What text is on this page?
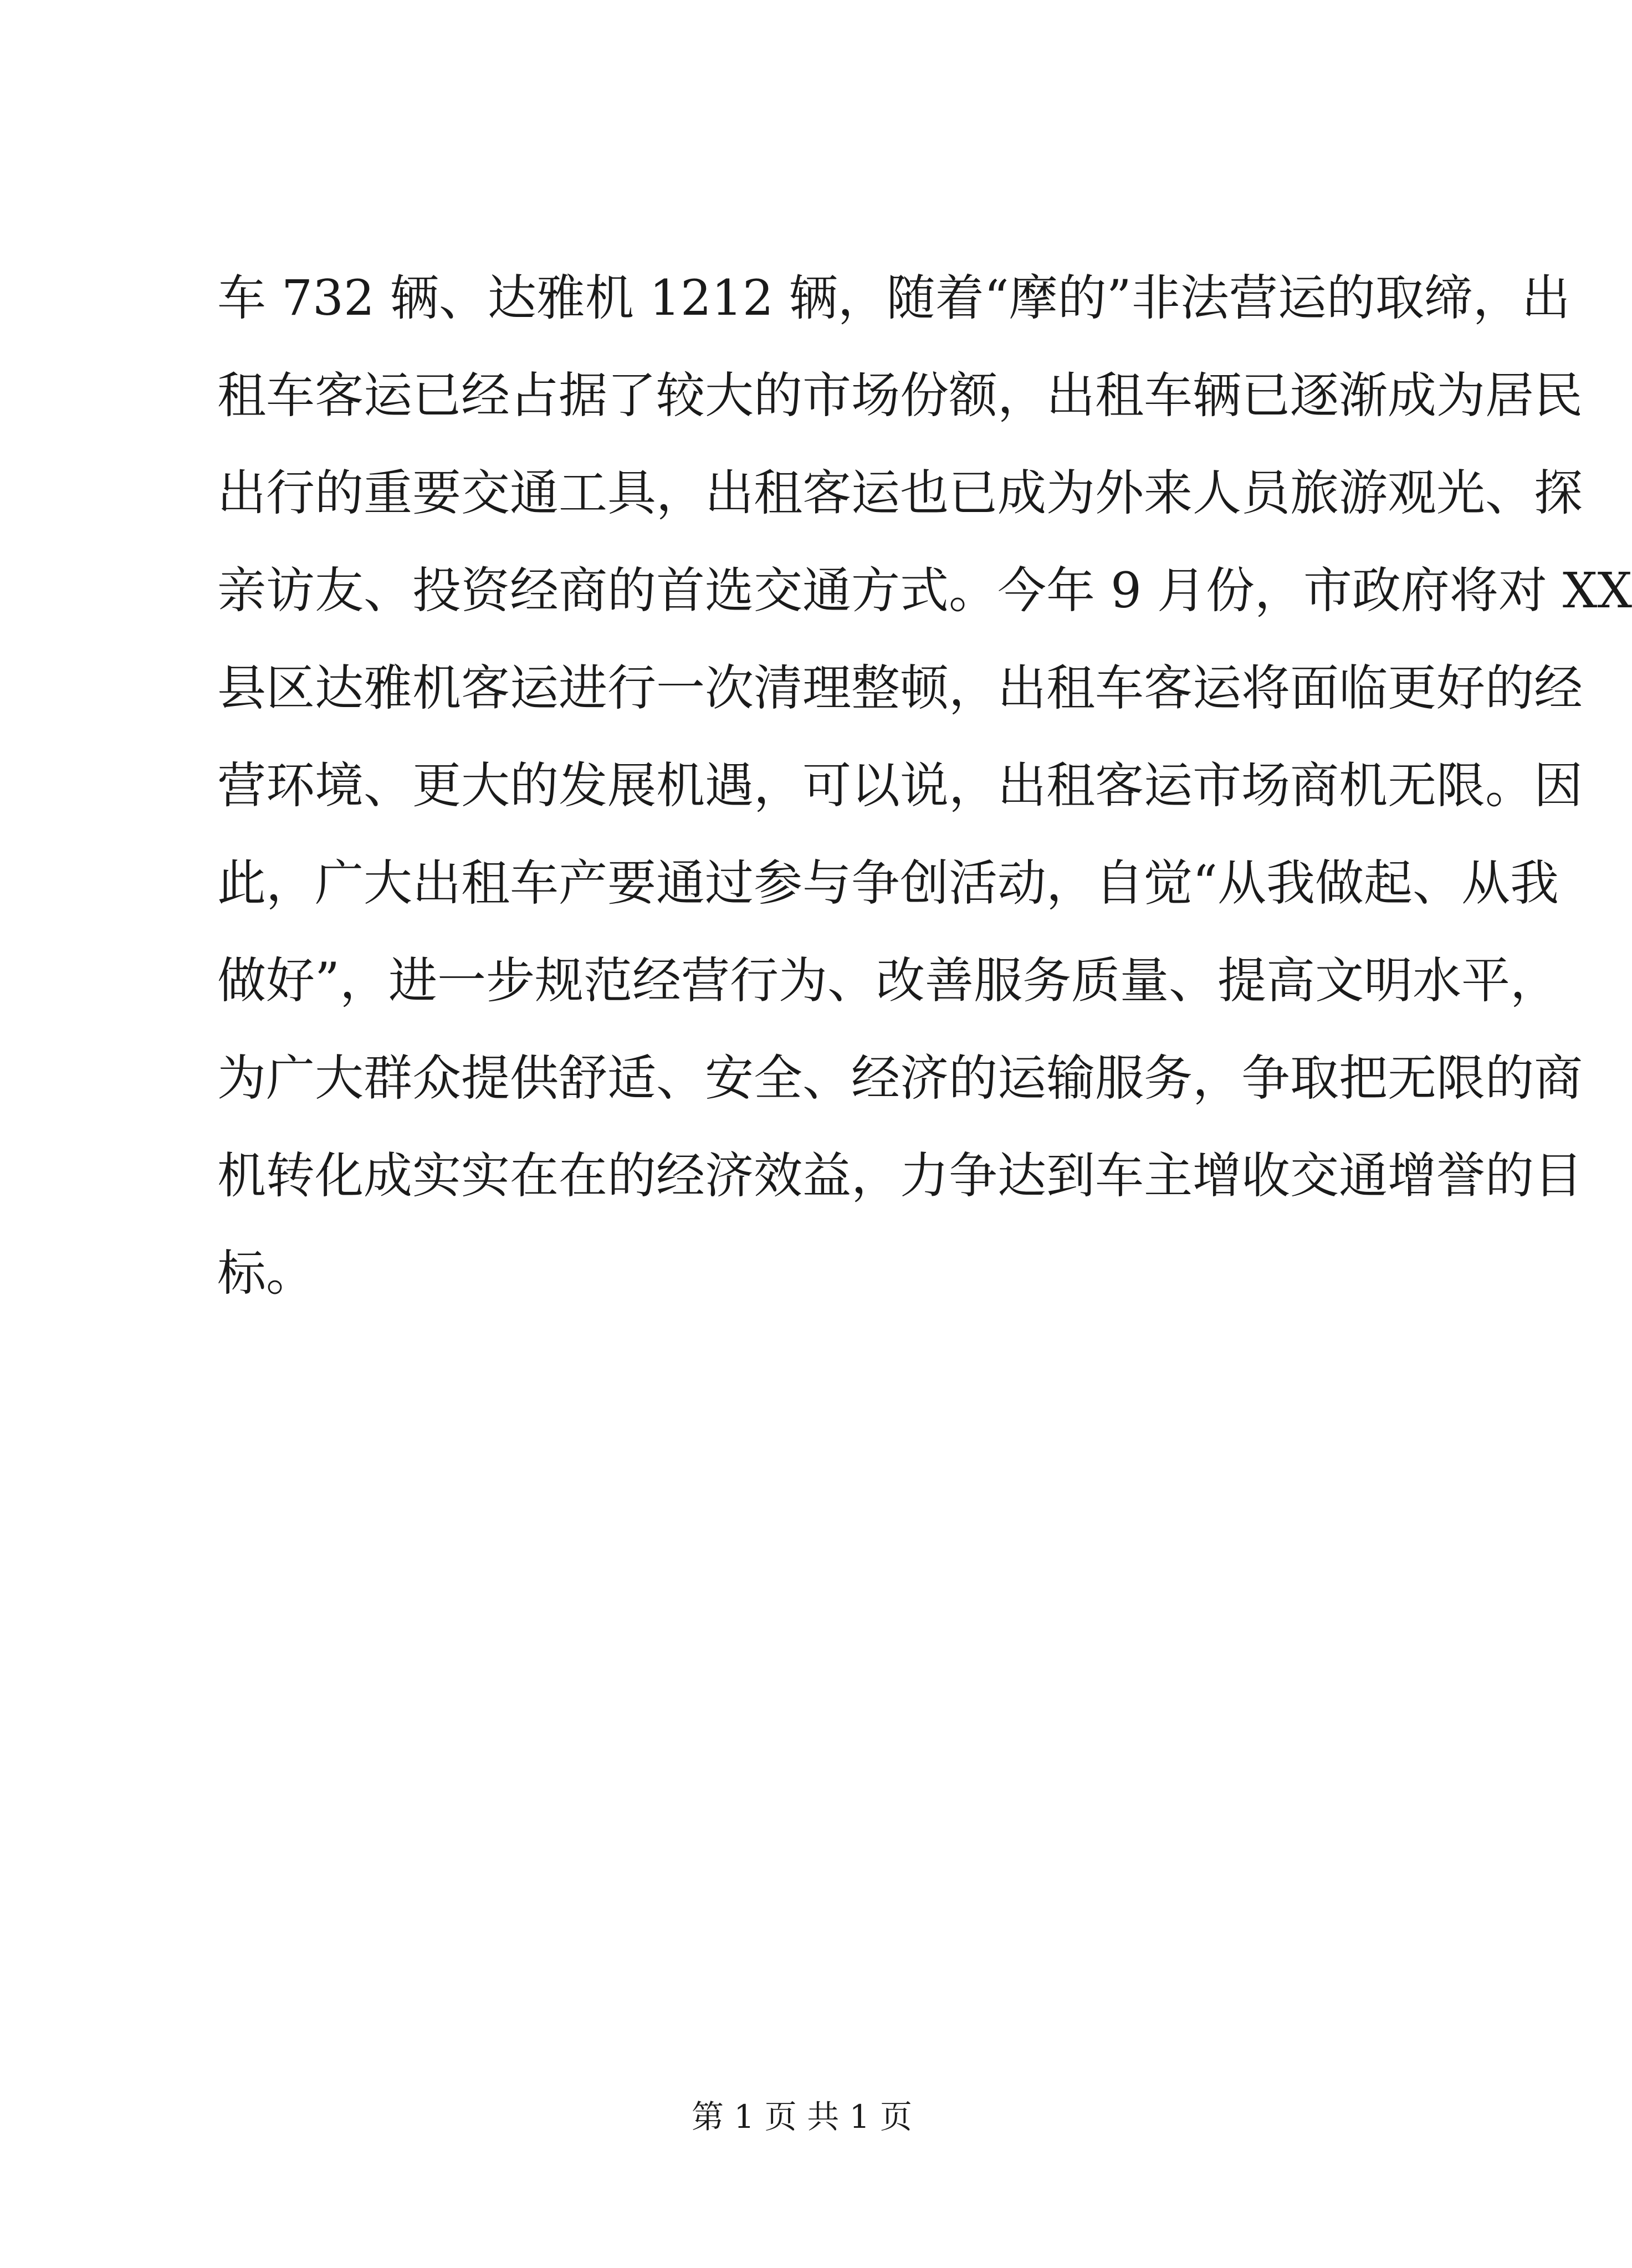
车 732 辆、达雅机 1212 辆，随着“摩的”非法营运的取缔，出
租车客运已经占据了较大的市场份额，出租车辆已逐渐成为居民
出行的重要交通工具，出租客运也已成为外来人员旅游观光、探
亲访友、投资经商的首选交通方式。今年 9 月份，市政府将对 XX
县区达雅机客运进行一次清理整顿，出租车客运将面临更好的经
营环境、更大的发展机遇，可以说，出租客运市场商机无限。因
此，广大出租车产要通过参与争创活动，自觉“从我做起、从我
做好”，进一步规范经营行为、改善服务质量、提高文明水平，
为广大群众提供舒适、安全、经济的运输服务，争取把无限的商
机转化成实实在在的经济效益，力争达到车主增收交通增誉的目
标。
第 1 页 共 1 页
